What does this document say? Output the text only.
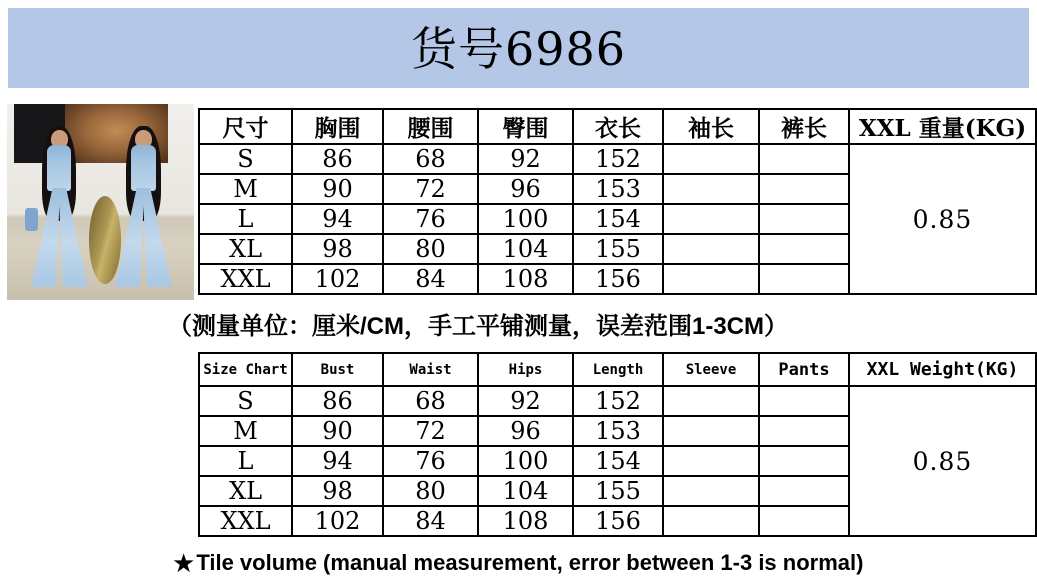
货号6986
尺寸	胸围	腰围	臀围	衣长	袖长	裤长	XXL 重量(KG)
S	86	68	92	152			0.85
M	90	72	96	153			
L	94	76	100	154			
XL	98	80	104	155			
XXL	102	84	108	156			
（测量单位：厘米/CM，手工平铺测量，误差范围1-3CM）
Size Chart	Bust	Waist	Hips	Length	Sleeve	Pants	XXL Weight(KG)
S	86	68	92	152			0.85
M	90	72	96	153			
L	94	76	100	154			
XL	98	80	104	155			
XXL	102	84	108	156			
★Tile volume (manual measurement, error between 1-3 is normal)
